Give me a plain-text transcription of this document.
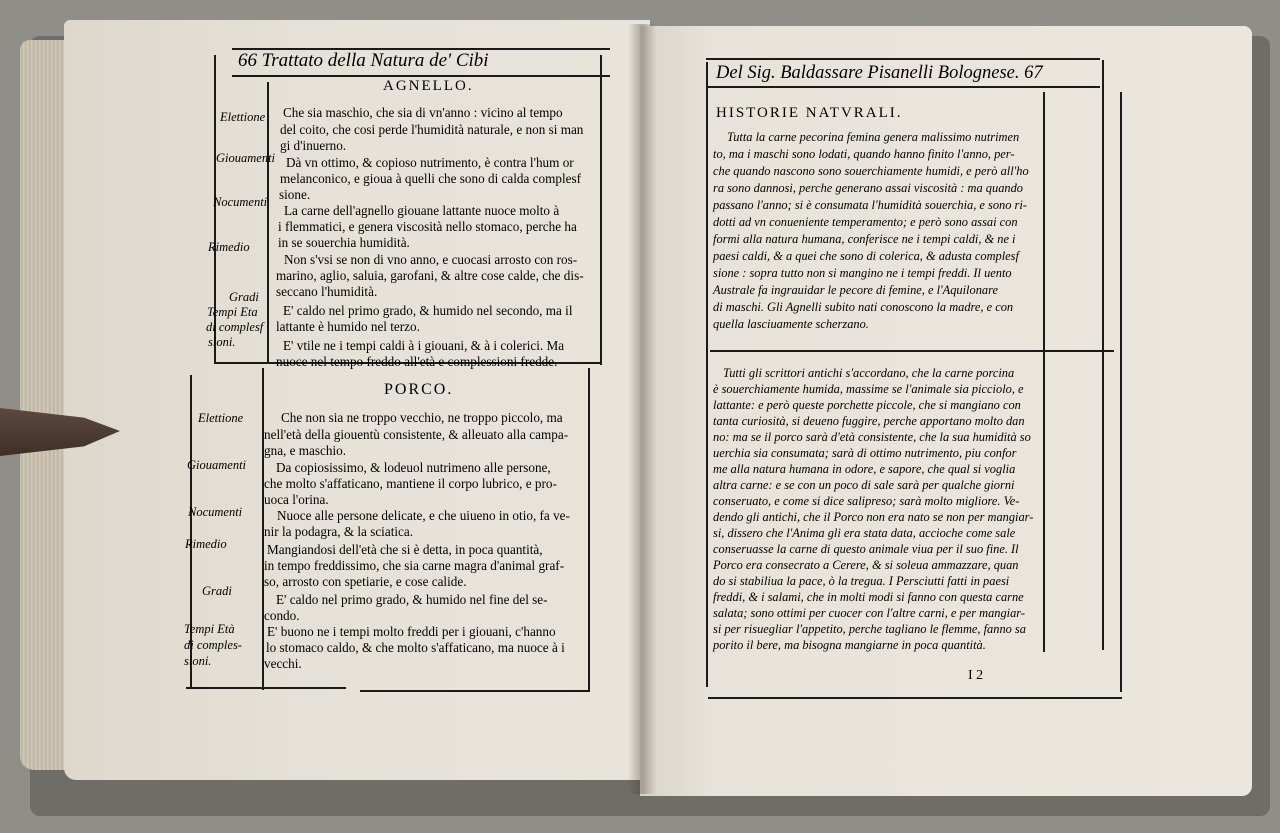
66 Trattato della Natura de' Cibi
AGNELLO.
Elettione
Giouamenti
Nocumenti
Rimedio
Gradi
Tempi Eta
di complesf
sioni.
Che sia maschio, che sia di vn'anno : vicino al tempo
del coito, che cosi perde l'humidità naturale, e non si man
gi d'inuerno.
Dà vn ottimo, & copioso nutrimento, è contra l'hum or
melanconico, e gioua à quelli che sono di calda complesf
sione.
La carne dell'agnello giouane lattante nuoce molto à
i flemmatici, e genera viscosità nello stomaco, perche ha
in se souerchia humidità.
Non s'vsi se non di vno anno, e cuocasi arrosto con ros-
marino, aglio, saluia, garofani, & altre cose calde, che dis-
seccano l'humidità.
E' caldo nel primo grado, & humido nel secondo, ma il
lattante è humido nel terzo.
E' vtile ne i tempi caldi à i giouani, & à i colerici. Ma
nuoce nel tempo freddo all'età e complessioni fredde.
PORCO.
Elettione
Giouamenti
Nocumenti
Rimedio
Gradi
Tempi Età
di comples-
sioni.
Che non sia ne troppo vecchio, ne troppo piccolo, ma
nell'età della giouentù consistente, & alleuato alla campa-
gna, e maschio.
Da copiosissimo, & lodeuol nutrimeno alle persone,
che molto s'affaticano, mantiene il corpo lubrico, e pro-
uoca l'orina.
Nuoce alle persone delicate, e che uiueno in otio, fa ve-
nir la podagra, & la sciatica.
Mangiandosi dell'età che si è detta, in poca quantità,
in tempo freddissimo, che sia carne magra d'animal graf-
so, arrosto con spetiarie, e cose calide.
E' caldo nel primo grado, & humido nel fine del se-
condo.
E' buono ne i tempi molto freddi per i giouani, c'hanno
lo stomaco caldo, & che molto s'affaticano, ma nuoce à i
vecchi.
Del Sig. Baldassare Pisanelli Bolognese. 67
HISTORIE NATVRALI.
Tutta la carne pecorina femina genera malissimo nutrimen
to, ma i maschi sono lodati, quando hanno finito l'anno, per-
che quando nascono sono souerchiamente humidi, e però all'ho
ra sono dannosi, perche generano assai viscosità : ma quando
passano l'anno; si è consumata l'humidità souerchia, e sono ri-
dotti ad vn conueniente temperamento; e però sono assai con
formi alla natura humana, conferisce ne i tempi caldi, & ne i
paesi caldi, & a quei che sono di colerica, & adusta complesf
sione : sopra tutto non si mangino ne i tempi freddi. Il uento
Australe fa ingrauidar le pecore di femine, e l'Aquilonare
di maschi. Gli Agnelli subito nati conoscono la madre, e con
quella lasciuamente scherzano.
Tutti gli scrittori antichi s'accordano, che la carne porcina
è souerchiamente humida, massime se l'animale sia picciolo, e
lattante: e però queste porchette piccole, che si mangiano con
tanta curiosità, si deueno fuggire, perche apportano molto dan
no: ma se il porco sarà d'età consistente, che la sua humidità so
uerchia sia consumata; sarà di ottimo nutrimento, piu confor
me alla natura humana in odore, e sapore, che qual si voglia
altra carne: e se con un poco di sale sarà per qualche giorni
conseruato, e come si dice salipreso; sarà molto migliore. Ve-
dendo gli antichi, che il Porco non era nato se non per mangiar-
si, dissero che l'Anima gli era stata data, accioche come sale
conseruasse la carne di questo animale viua per il suo fine. Il
Porco era consecrato a Cerere, & si soleua ammazzare, quan
do si stabiliua la pace, ò la tregua. I Persciutti fatti in paesi
freddi, & i salami, che in molti modi si fanno con questa carne
salata; sono ottimi per cuocer con l'altre carni, e per mangiar-
si per risuegliar l'appetito, perche tagliano le flemme, fanno sa
porito il bere, ma bisogna mangiarne in poca quantità.
I 2
